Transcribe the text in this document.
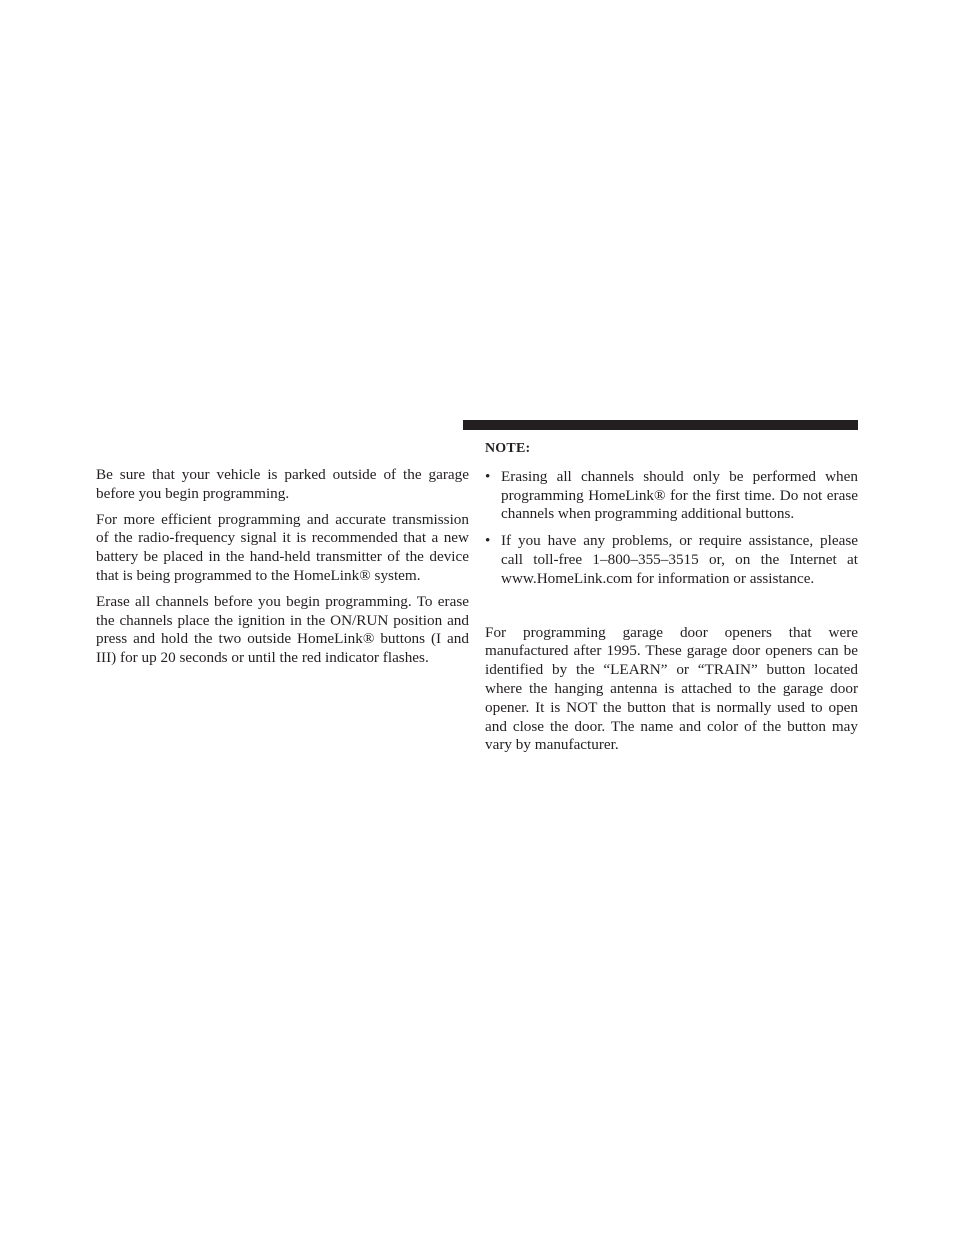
Be sure that your vehicle is parked outside of the garage before you begin programming.

For more efficient programming and accurate transmission of the radio-frequency signal it is recommended that a new battery be placed in the hand-held transmitter of the device that is being programmed to the HomeLink® system.

Erase all channels before you begin programming. To erase the channels place the ignition in the ON/RUN position and press and hold the two outside HomeLink® buttons (I and III) for up 20 seconds or until the red indicator flashes.

NOTE:
• Erasing all channels should only be performed when programming HomeLink® for the first time. Do not erase channels when programming additional buttons.
• If you have any problems, or require assistance, please call toll-free 1–800–355–3515 or, on the Internet at www.HomeLink.com for information or assistance.

For programming garage door openers that were manufactured after 1995. These garage door openers can be identified by the “LEARN” or “TRAIN” button located where the hanging antenna is attached to the garage door opener. It is NOT the button that is normally used to open and close the door. The name and color of the button may vary by manufacturer.
